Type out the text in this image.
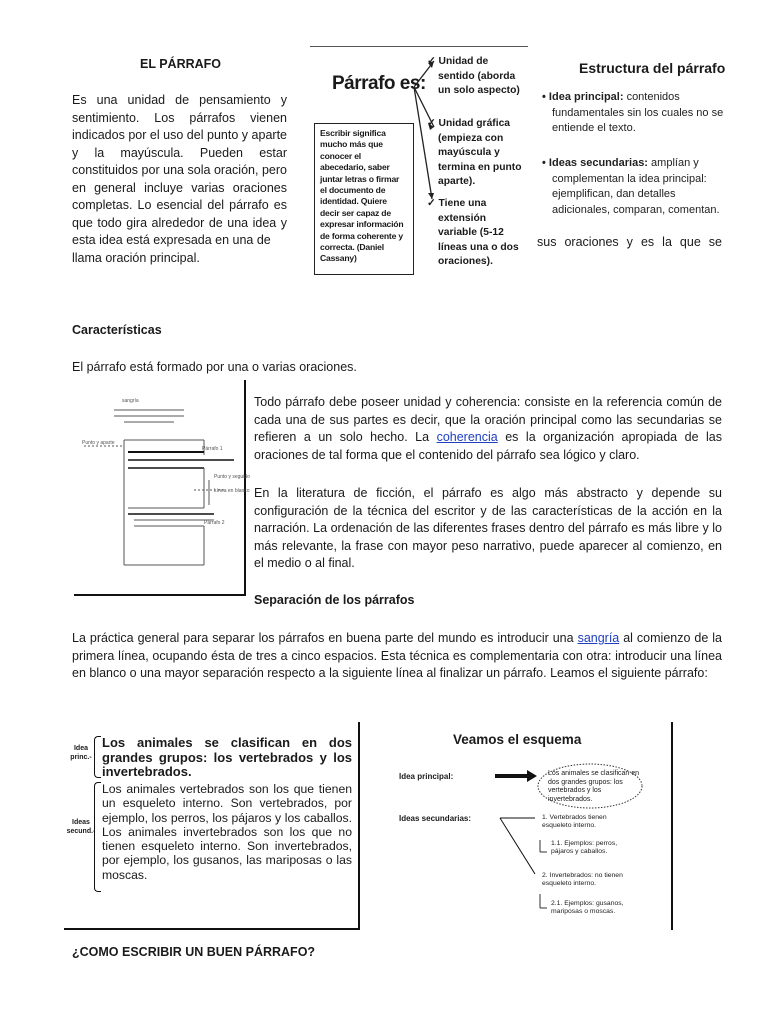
EL PÁRRAFO
Es una unidad de pensamiento y sentimiento. Los párrafos vienen indicados por el uso del punto y aparte y la mayúscula. Pueden estar constituidos por una sola oración, pero en general incluye varias oraciones completas. Lo esencial del párrafo es que todo gira alrededor de una idea y esta idea está expresada en una de
llama oración principal.
Párrafo es:
Escribir significa mucho más que conocer el abecedario, saber juntar letras o firmar el documento de identidad. Quiere decir ser capaz de expresar información de forma coherente y correcta. (Daniel Cassany)
✓ Unidad de sentido (aborda un solo aspecto)
✓ Unidad gráfica (empieza con mayúscula y termina en punto aparte).
✓ Tiene una extensión variable (5-12 líneas una o dos oraciones).
Estructura del párrafo
• Idea principal: contenidos fundamentales sin los cuales no se entiende el texto.
• Ideas secundarias: amplían y complementan la idea principal: ejemplifican, dan detalles adicionales, comparan, comentan.
sus oraciones y es la que se
Características
El párrafo está formado por una o varias oraciones.
sangría
Punto y aparte
Párrafo 1
Punto y seguido
Línea en blanco
Párrafo 2
Todo párrafo debe poseer unidad y coherencia: consiste en la referencia común de cada una de sus partes es decir, que la oración principal como las secundarias se refieren a un solo hecho. La coherencia es la organización apropiada de las oraciones de tal forma que el contenido del párrafo sea lógico y claro.
En la literatura de ficción, el párrafo es algo más abstracto y depende su configuración de la técnica del escritor y de las características de la acción en la narración. La ordenación de las diferentes frases dentro del párrafo es más libre y lo más relevante, la frase con mayor peso narrativo, puede aparecer al comienzo, en el medio o al final.
Separación de los párrafos
La práctica general para separar los párrafos en buena parte del mundo es introducir una sangría al comienzo de la primera línea, ocupando ésta de tres a cinco espacios. Esta técnica es complementaria con otra: introducir una línea en blanco o una mayor separación respecto a la siguiente línea al finalizar un párrafo. Leamos el siguiente párrafo:
Idea princ.-
Ideas secund.-
Los animales se clasifican en dos grandes grupos: los vertebrados y los invertebrados.
Los animales vertebrados son los que tienen un esqueleto interno. Son vertebrados, por ejemplo, los perros, los pájaros y los caballos. Los animales invertebrados son los que no tienen esqueleto interno. Son invertebrados, por ejemplo, los gusanos, las mariposas o las moscas.
Veamos el esquema
Idea principal:
Ideas secundarias:
Los animales se clasifican en dos grandes grupos: los vertebrados y los invertebrados.
1. Vertebrados tienen esqueleto interno.
1.1. Ejemplos: perros, pájaros y caballos.
2. Invertebrados: no tienen esqueleto interno.
2.1. Ejemplos: gusanos, mariposas o moscas.
¿COMO ESCRIBIR UN BUEN PÁRRAFO?
